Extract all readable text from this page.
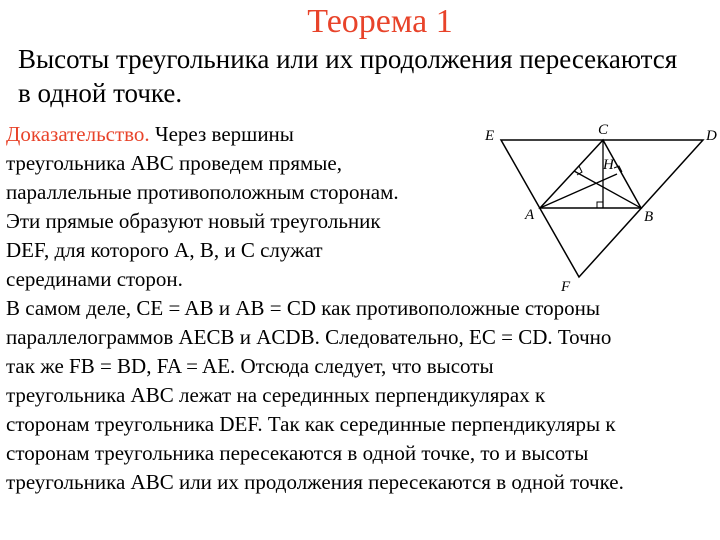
Теорема 1
Высоты треугольника или их продолжения пересекаются
в одной точке.
Доказательство. Через вершины
треугольника ABC проведем прямые,
параллельные противоположным сторонам.
Эти прямые образуют новый треугольник
DEF, для которого A, B, и C служат
серединами сторон.
В самом деле, CE = AB и AB = CD как противоположные стороны
параллелограммов AECB и ACDB. Следовательно, EC = CD. Точно
так же FB = BD, FA = AE. Отсюда следует, что высоты
треугольника ABC лежат на серединных перпендикулярах к
сторонам треугольника DEF. Так как серединные перпендикуляры к
сторонам треугольника пересекаются в одной точке, то и высоты
треугольника ABC или их продолжения пересекаются в одной точке.
E	C	D
H
A	B
F
